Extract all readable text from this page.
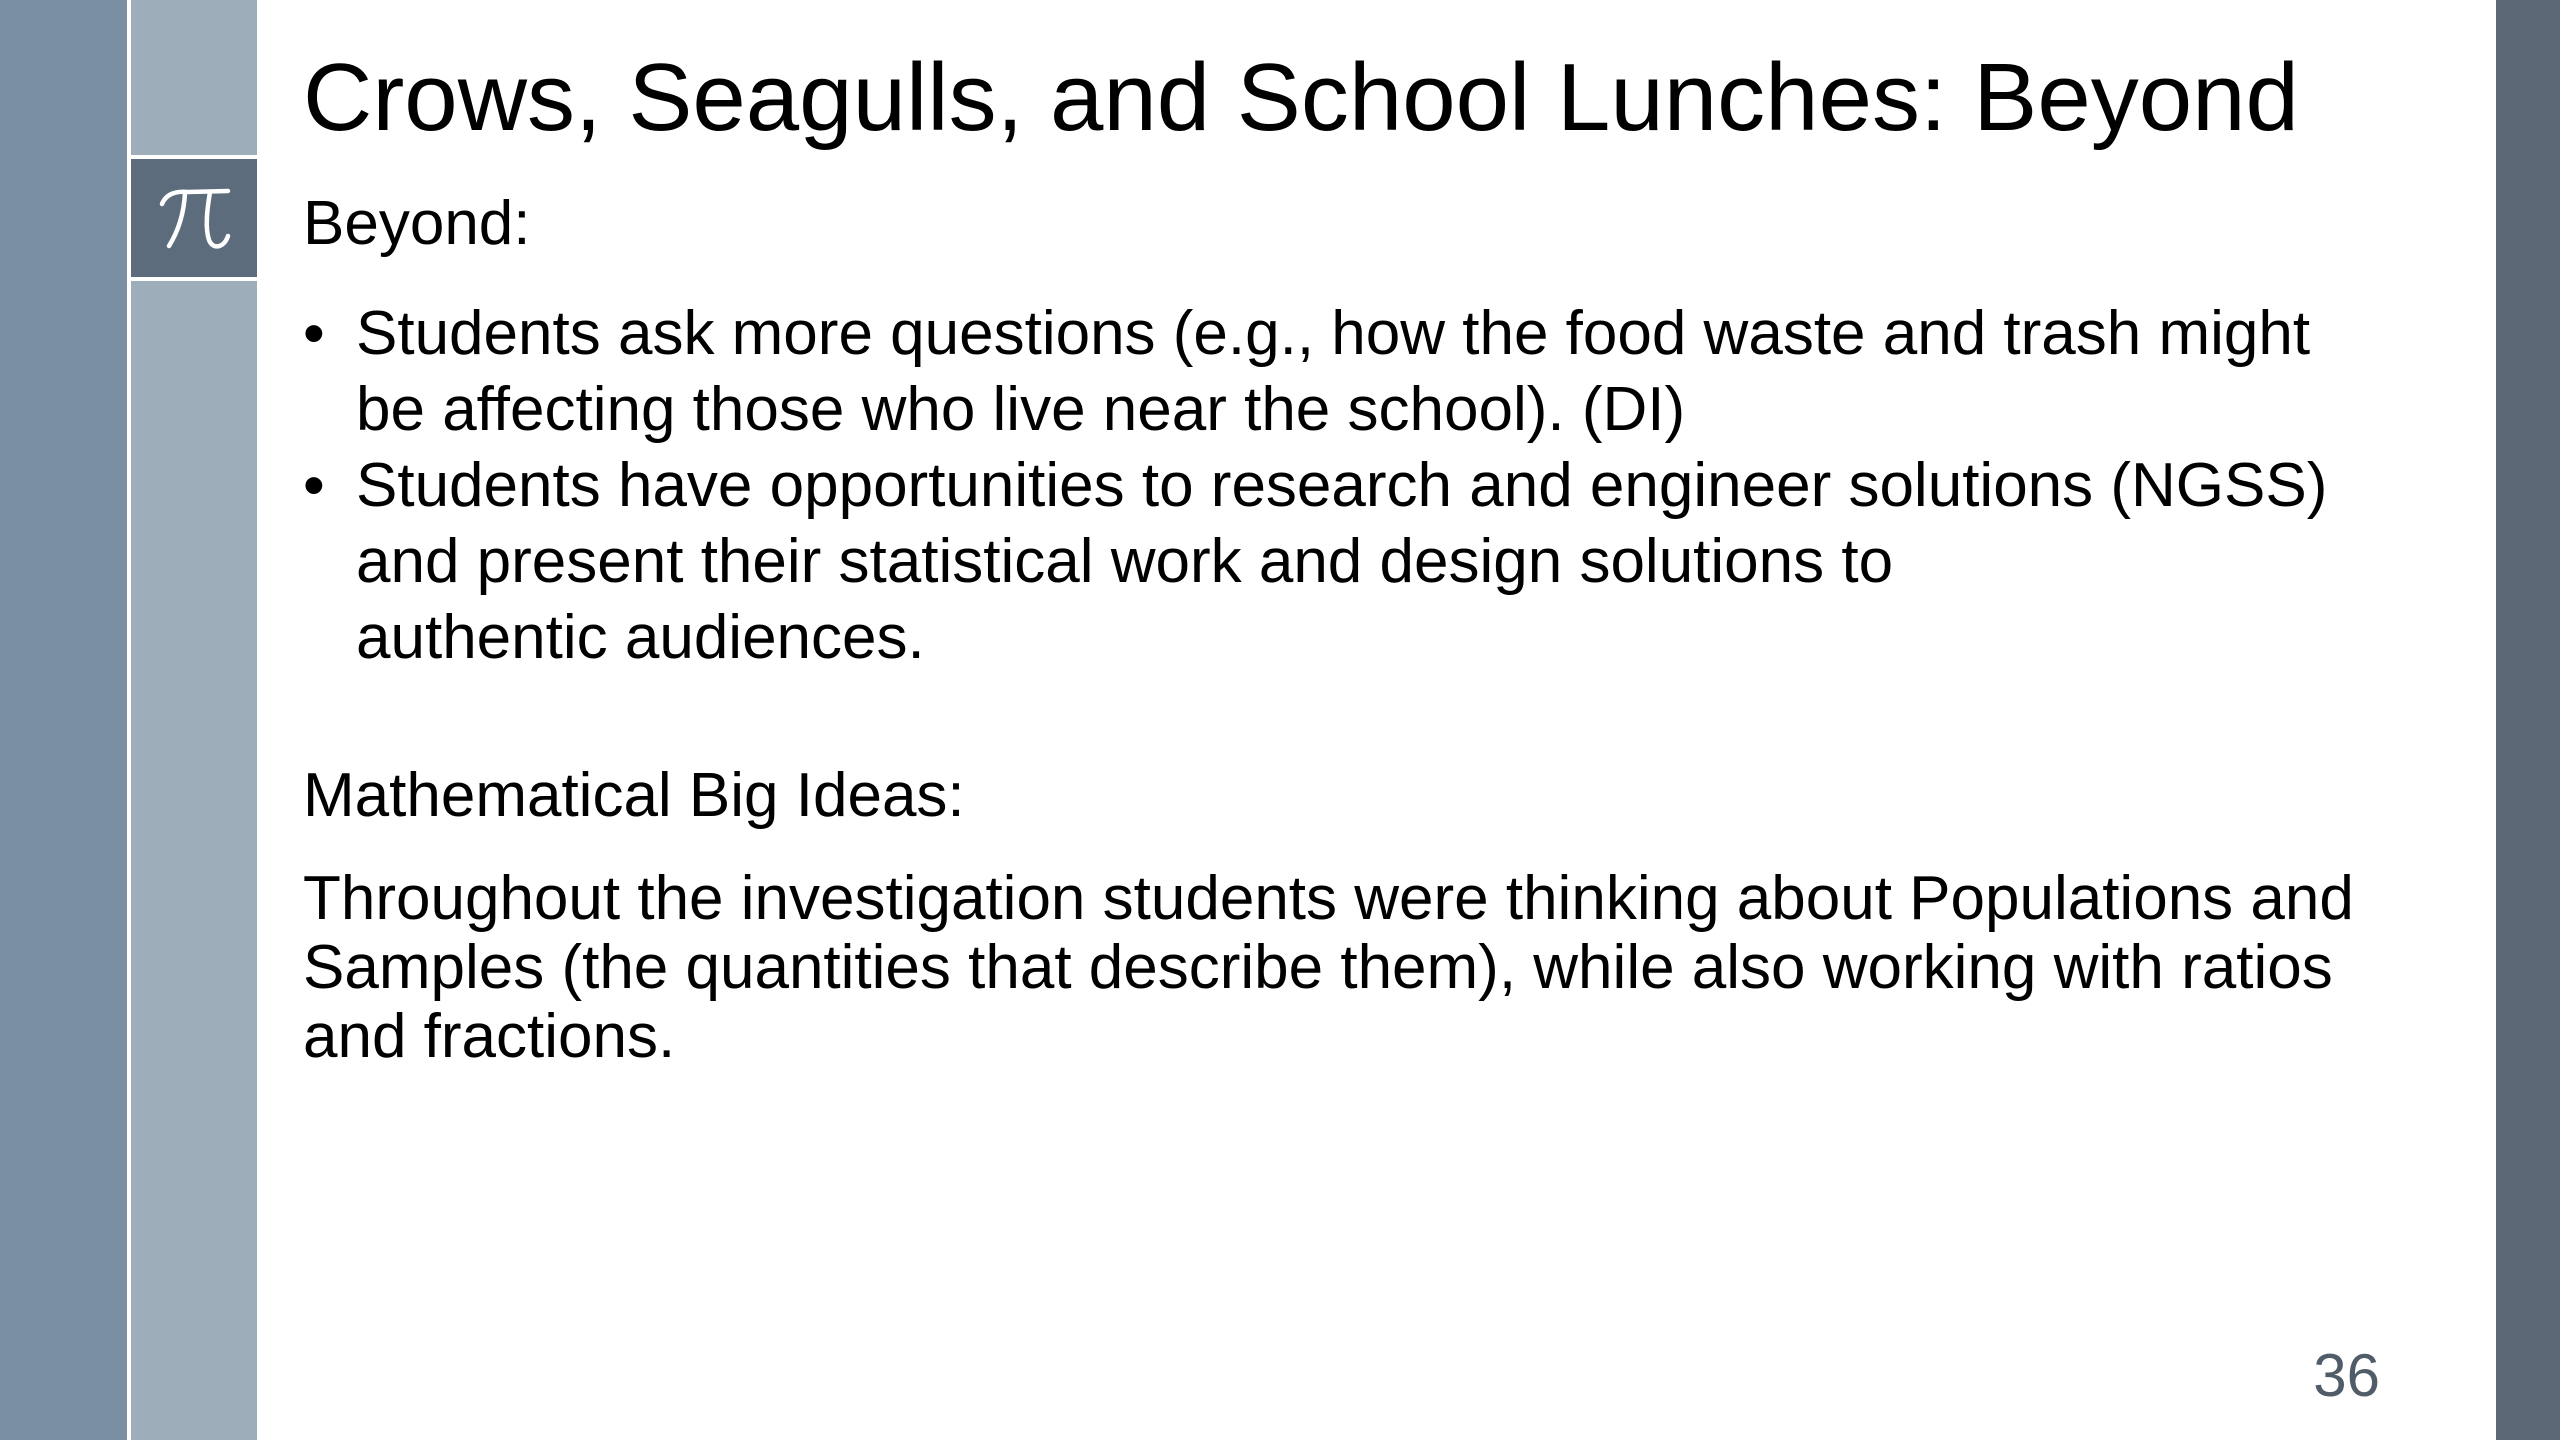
Crows, Seagulls, and School Lunches: Beyond
Beyond:
• Students ask more questions (e.g., how the food waste and trash might
be affecting those who live near the school). (DI)
• Students have opportunities to research and engineer solutions (NGSS)
and present their statistical work and design solutions to
authentic audiences.
Mathematical Big Ideas:
Throughout the investigation students were thinking about Populations and
Samples (the quantities that describe them), while also working with ratios
and fractions.
36
